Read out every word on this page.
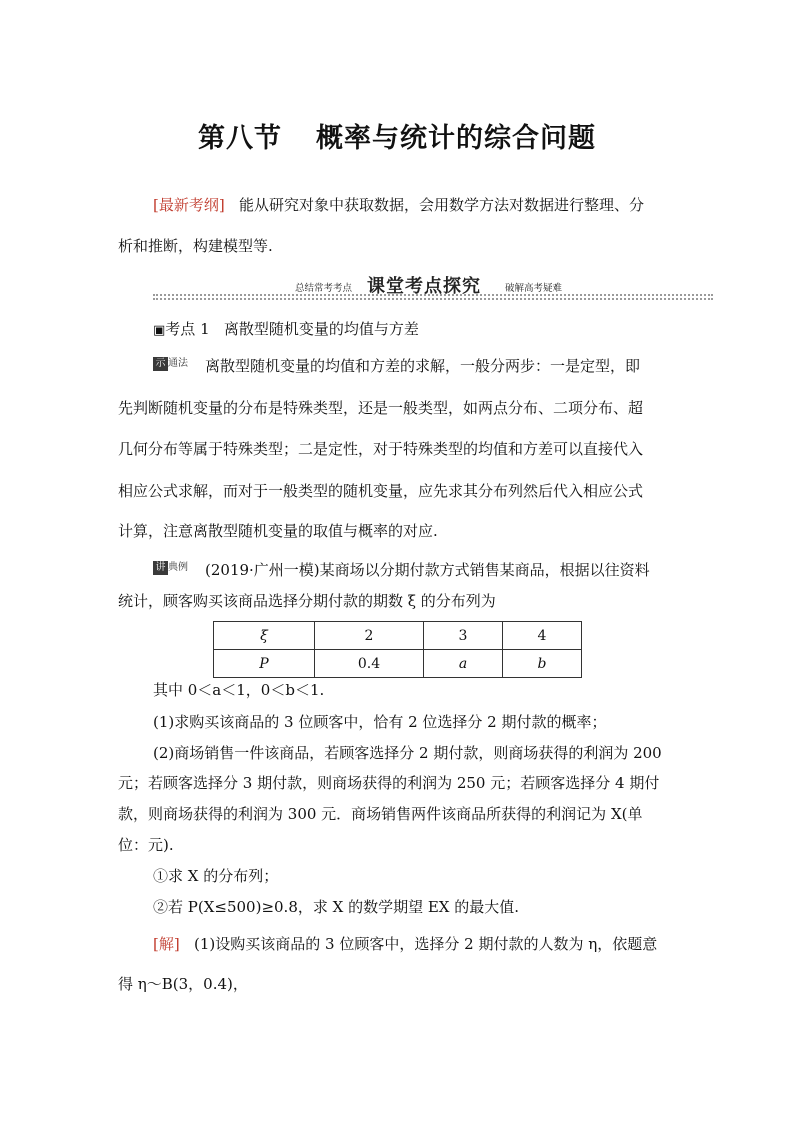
第八节 概率与统计的综合问题
[最新考纲] 能从研究对象中获取数据，会用数学方法对数据进行整理、分
析和推断，构建模型等.
总结常考考点 课堂考点探究	破解高考疑难
▣考点 1 离散型随机变量的均值与方差
示 通法 离散型随机变量的均值和方差的求解，一般分两步：一是定型，即
先判断随机变量的分布是特殊类型，还是一般类型，如两点分布、二项分布、超
几何分布等属于特殊类型；二是定性，对于特殊类型的均值和方差可以直接代入
相应公式求解，而对于一般类型的随机变量，应先求其分布列然后代入相应公式
计算，注意离散型随机变量的取值与概率的对应.
讲 典例 (2019·广州一模)某商场以分期付款方式销售某商品，根据以往资料
统计，顾客购买该商品选择分期付款的期数 ξ 的分布列为
ξ	2	3	4
P	0.4	a	b
其中 0＜a＜1，0＜b＜1.
(1)求购买该商品的 3 位顾客中，恰有 2 位选择分 2 期付款的概率；
(2)商场销售一件该商品，若顾客选择分 2 期付款，则商场获得的利润为 200
元；若顾客选择分 3 期付款，则商场获得的利润为 250 元；若顾客选择分 4 期付
款，则商场获得的利润为 300 元．商场销售两件该商品所获得的利润记为 X(单
位：元).
①求 X 的分布列；
②若 P(X≤500)≥0.8，求 X 的数学期望 EX 的最大值.
[解] (1)设购买该商品的 3 位顾客中，选择分 2 期付款的人数为 η，依题意
得 η～B(3，0.4)，
